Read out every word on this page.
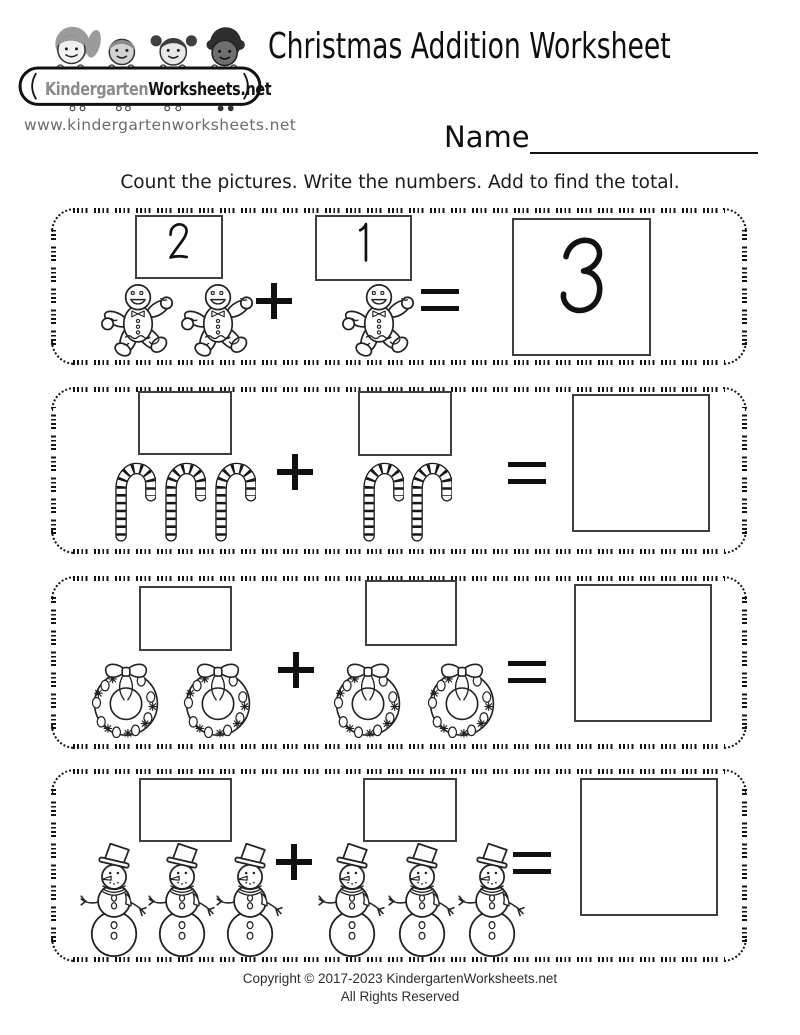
KindergartenWorksheets.net
www.kindergartenworksheets.net
Christmas Addition Worksheet
Name
Count the pictures. Write the numbers. Add to find the total.
Copyright © 2017-2023 KindergartenWorksheets.net
All Rights Reserved
